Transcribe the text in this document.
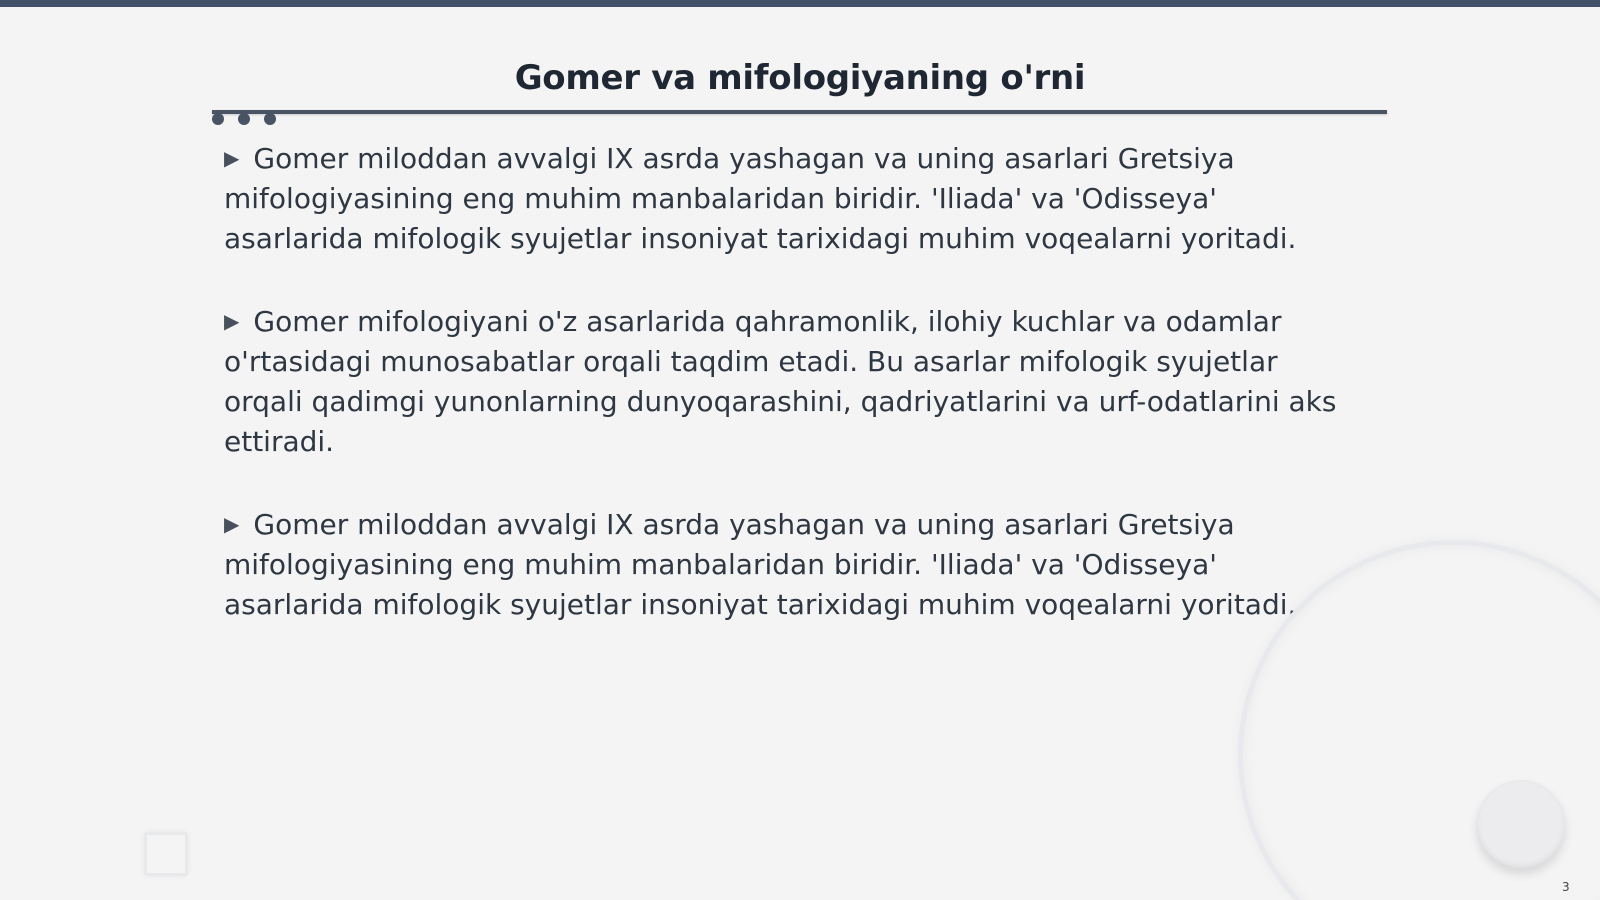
Gomer va mifologiyaning o'rni
▶ Gomer miloddan avvalgi IX asrda yashagan va uning asarlari Gretsiya mifologiyasining eng muhim manbalaridan biridir. 'Iliada' va 'Odisseya' asarlarida mifologik syujetlar insoniyat tarixidagi muhim voqealarni yoritadi.
▶ Gomer mifologiyani o'z asarlarida qahramonlik, ilohiy kuchlar va odamlar o'rtasidagi munosabatlar orqali taqdim etadi. Bu asarlar mifologik syujetlar orqali qadimgi yunonlarning dunyoqarashini, qadriyatlarini va urf-odatlarini aks ettiradi.
▶ Gomer miloddan avvalgi IX asrda yashagan va uning asarlari Gretsiya mifologiyasining eng muhim manbalaridan biridir. 'Iliada' va 'Odisseya' asarlarida mifologik syujetlar insoniyat tarixidagi muhim voqealarni yoritadi.
3
